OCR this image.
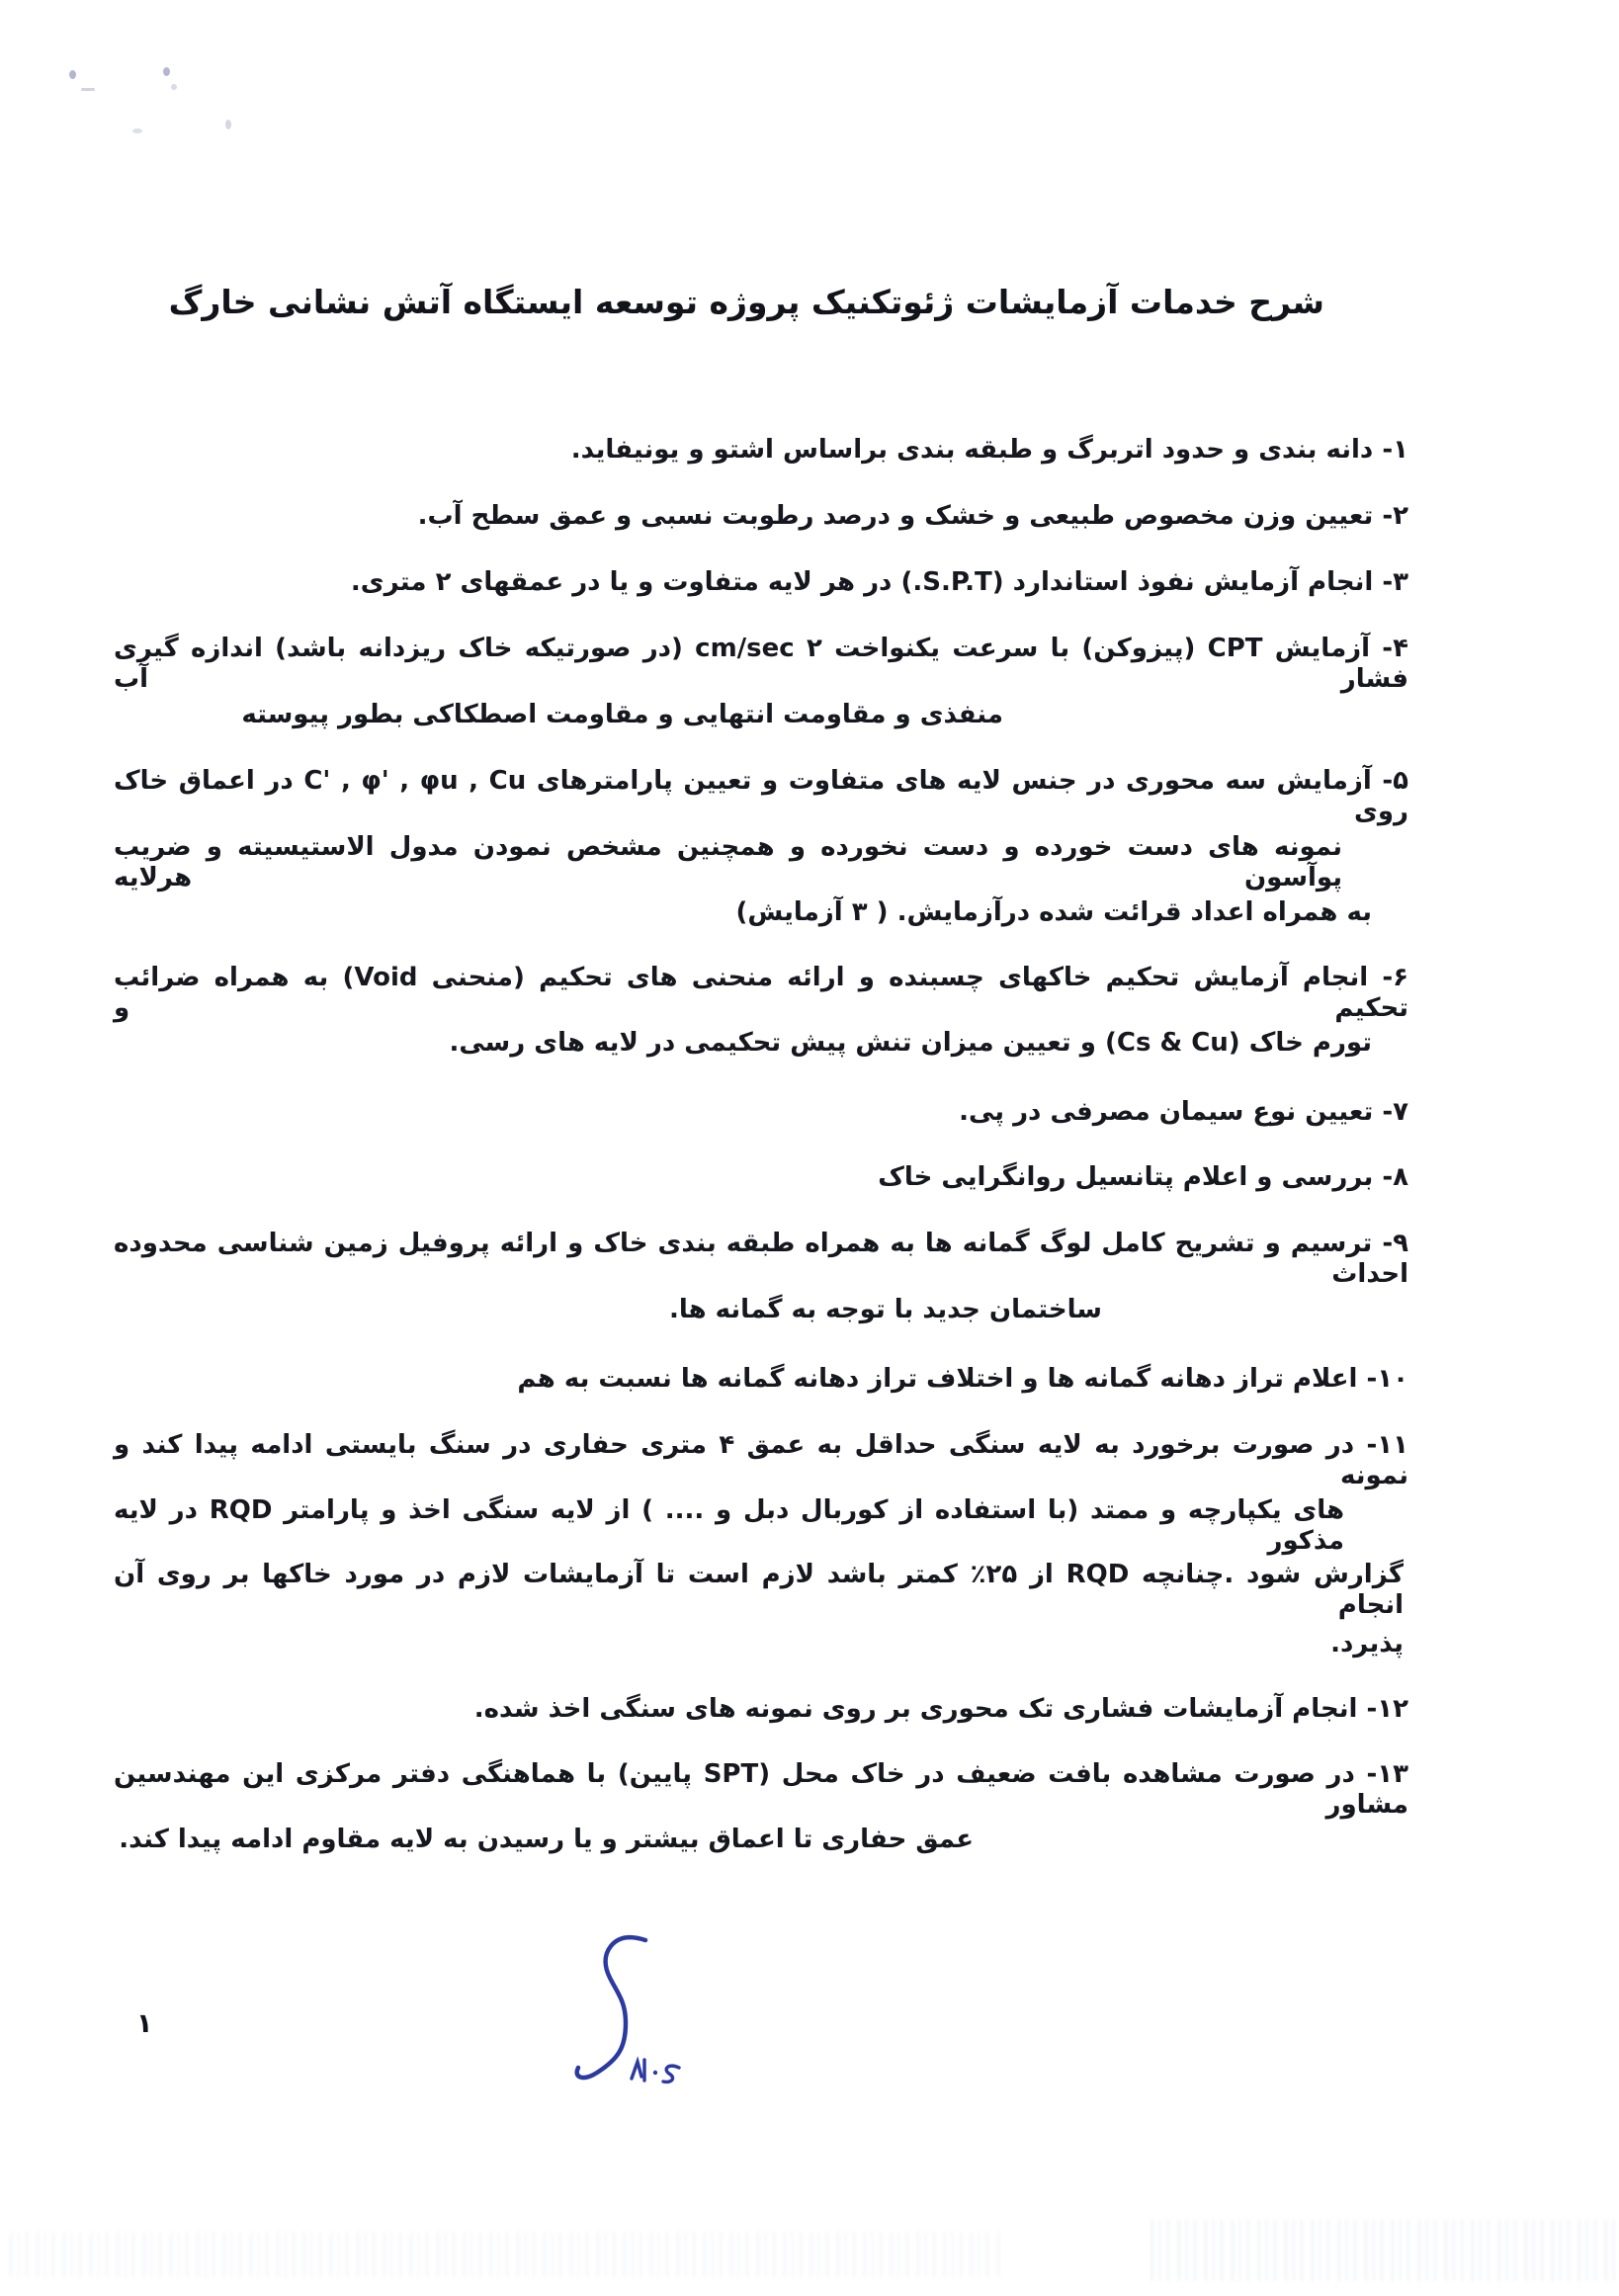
شرح خدمات آزمایشات ژئوتکنیک پروژه توسعه ایستگاه آتش نشانی خارگ
۱- دانه بندی و حدود اتربرگ و طبقه بندی براساس اشتو و یونیفاید.
۲- تعیین وزن مخصوص طبیعی و خشک و درصد رطوبت نسبی و عمق سطح آب.
۳- انجام آزمایش نفوذ استاندارد (S.P.T.) در هر لایه متفاوت و یا در عمقهای ۲ متری.
۴- آزمایش CPT (پیزوکن) با سرعت یکنواخت ۲ cm/sec (در صورتیکه خاک ریزدانه باشد) اندازه گیری فشار آب
منفذی و مقاومت انتهایی و مقاومت اصطکاکی بطور پیوسته
۵- آزمایش سه محوری در جنس لایه های متفاوت و تعیین پارامترهای C' , φ' , φu , Cu در اعماق خاک روی
نمونه های دست خورده و دست نخورده و همچنین مشخص نمودن مدول الاستیسیته و ضریب پوآسون هرلایه
به همراه اعداد قرائت شده درآزمایش. ( ۳ آزمایش)
۶- انجام آزمایش تحکیم خاکهای چسبنده و ارائه منحنی های تحکیم (منحنی Void) به همراه ضرائب تحکیم و
تورم خاک (Cs & Cu) و تعیین میزان تنش پیش تحکیمی در لایه های رسی.
۷- تعیین نوع سیمان مصرفی در پی.
۸- بررسی و اعلام پتانسیل روانگرایی خاک
۹- ترسیم و تشریح کامل لوگ گمانه ها به همراه طبقه بندی خاک و ارائه پروفیل زمین شناسی محدوده احداث
ساختمان جدید با توجه به گمانه ها.
۱۰- اعلام تراز دهانه گمانه ها و اختلاف تراز دهانه گمانه ها نسبت به هم
۱۱- در صورت برخورد به لایه سنگی حداقل به عمق ۴ متری حفاری در سنگ بایستی ادامه پیدا کند و نمونه
های یکپارچه و ممتد (با استفاده از کوربال دبل و .... ) از لایه سنگی اخذ و پارامتر RQD در لایه مذکور
گزارش شود .چنانچه RQD از ۲۵٪ کمتر باشد لازم است تا آزمایشات لازم در مورد خاکها بر روی آن انجام
پذیرد.
۱۲- انجام آزمایشات فشاری تک محوری بر روی نمونه های سنگی اخذ شده.
۱۳- در صورت مشاهده بافت ضعیف در خاک محل (SPT پایین) با هماهنگی دفتر مرکزی این مهندسین مشاور
عمق حفاری تا اعماق بیشتر و یا رسیدن به لایه مقاوم ادامه پیدا کند.
۱
